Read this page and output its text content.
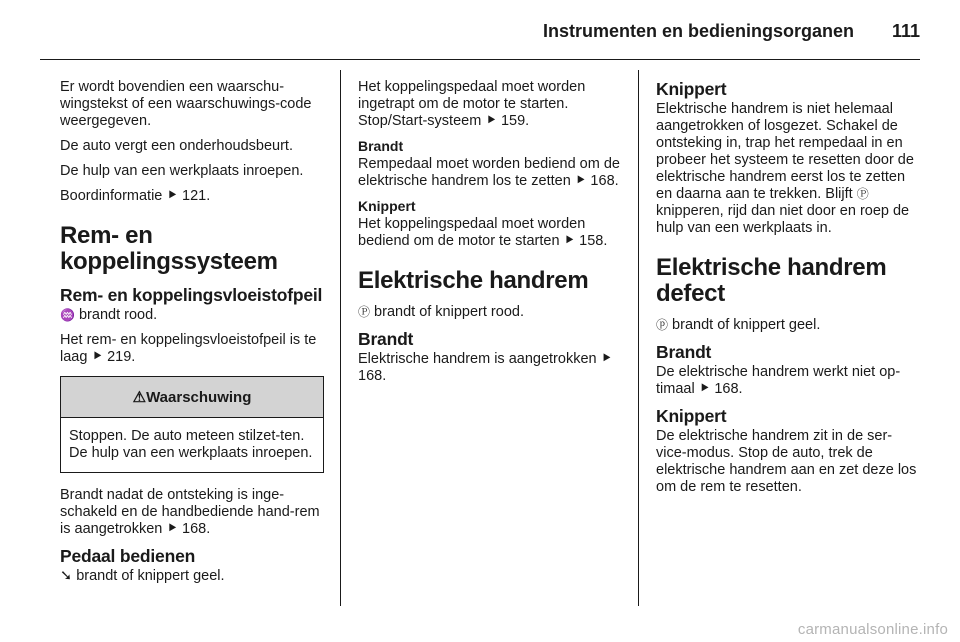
Instrumenten en bedieningsorganen 111

Er wordt bovendien een waarschu-wingstekst of een waarschuwings-code weergegeven.

De auto vergt een onderhoudsbeurt.

De hulp van een werkplaats inroepen.

Boordinformatie ⯈ 121.

Rem- en koppelingssysteem
Rem- en koppelingsvloeistofpeil

♒ brandt rood.

Het rem- en koppelingsvloeistofpeil is te laag ⯈ 219.

⚠ Waarschuwing
Stoppen. De auto meteen stilzet-ten. De hulp van een werkplaats inroepen.

Brandt nadat de ontsteking is inge-schakeld en de handbediende hand-rem is aangetrokken ⯈ 168.

Pedaal bedienen

➘ brandt of knippert geel.

Het koppelingspedaal moet worden ingetrapt om de motor te starten. Stop/Start-systeem ⯈ 159.

Brandt

Rempedaal moet worden bediend om de elektrische handrem los te zetten ⯈ 168.

Knippert

Het koppelingspedaal moet worden bediend om de motor te starten ⯈ 158.

Elektrische handrem

Ⓟ brandt of knippert rood.

Brandt

Elektrische handrem is aangetrokken ⯈ 168.

Knippert

Elektrische handrem is niet helemaal aangetrokken of losgezet. Schakel de ontsteking in, trap het rempedaal in en probeer het systeem te resetten door de elektrische handrem eerst los te zetten en daarna aan te trekken. Blijft Ⓟ knipperen, rijd dan niet door en roep de hulp van een werkplaats in.

Elektrische handrem defect

ⓟ brandt of knippert geel.

Brandt

De elektrische handrem werkt niet op-timaal ⯈ 168.

Knippert

De elektrische handrem zit in de ser-vice-modus. Stop de auto, trek de elektrische handrem aan en zet deze los om de rem te resetten.

carmanualsonline.info
